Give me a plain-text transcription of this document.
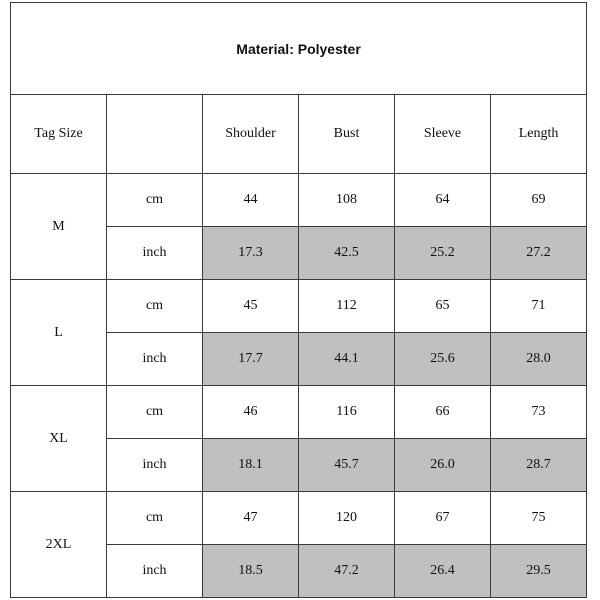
Material: Polyester					
Tag Size		Shoulder	Bust	Sleeve	Length
M	cm	44	108	64	69
	inch	17.3	42.5	25.2	27.2
L	cm	45	112	65	71
	inch	17.7	44.1	25.6	28.0
XL	cm	46	116	66	73
	inch	18.1	45.7	26.0	28.7
2XL	cm	47	120	67	75
	inch	18.5	47.2	26.4	29.5
